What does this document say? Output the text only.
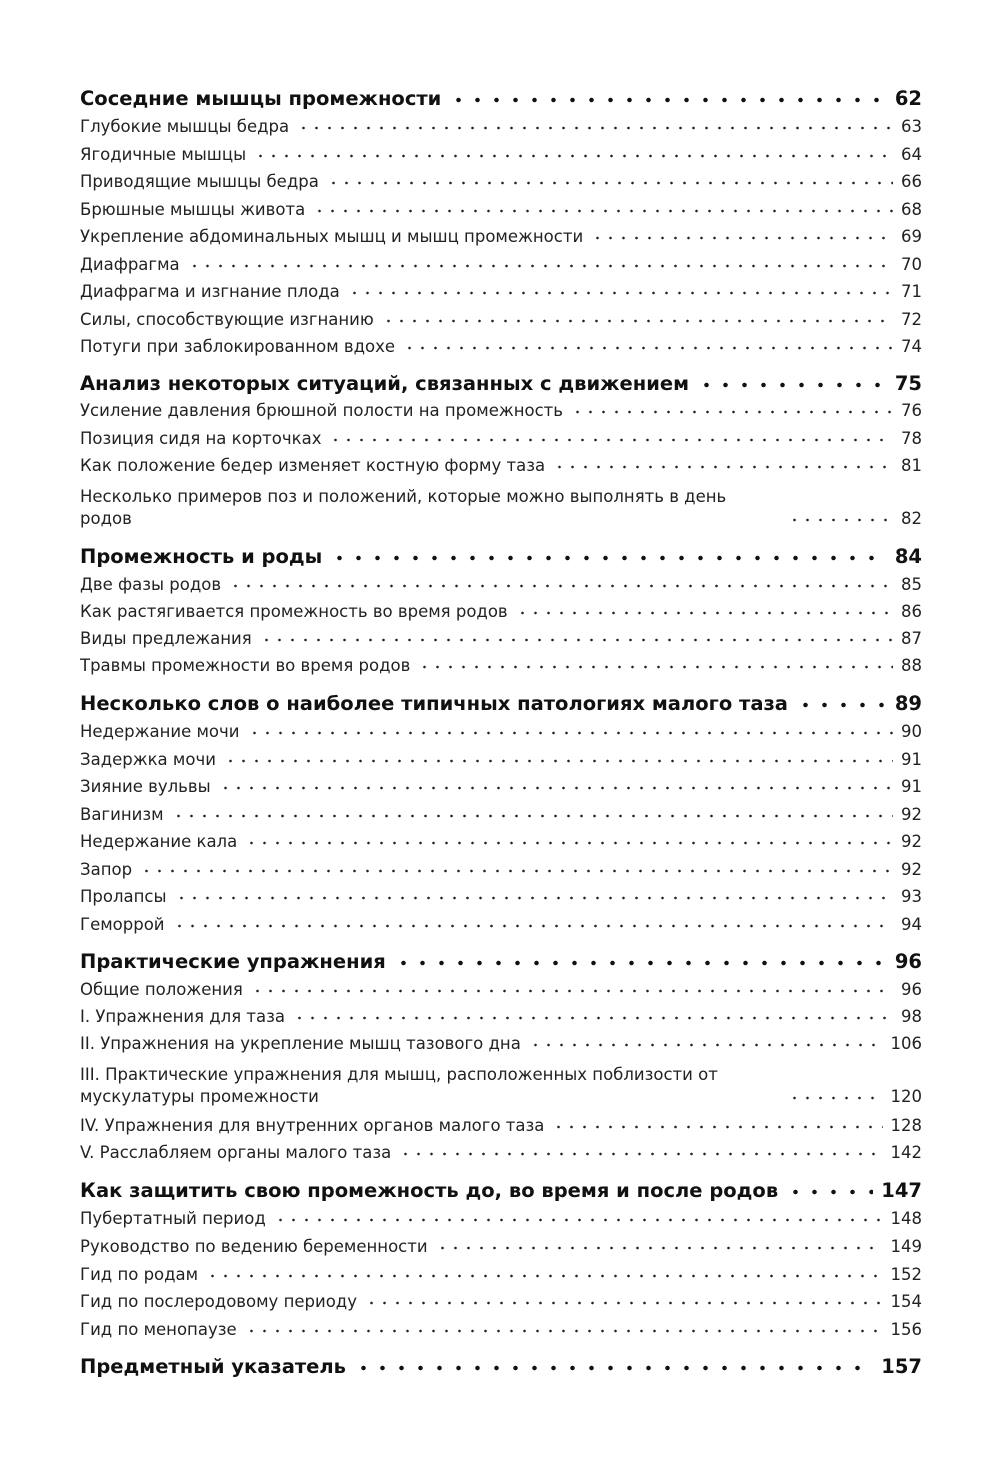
Соседние мышцы промежности	62
Глубокие мышцы бедра	63
Ягодичные мышцы	64
Приводящие мышцы бедра	66
Брюшные мышцы живота	68
Укрепление абдоминальных мышц и мышц промежности	69
Диафрагма	70
Диафрагма и изгнание плода	71
Силы, способствующие изгнанию	72
Потуги при заблокированном вдохе	74
Анализ некоторых ситуаций, связанных с движением	75
Усиление давления брюшной полости на промежность	76
Позиция сидя на корточках	78
Как положение бедер изменяет костную форму таза	81
Несколько примеров поз и положений, которые можно выполнять в день родов	82
Промежность и роды	84
Две фазы родов	85
Как растягивается промежность во время родов	86
Виды предлежания	87
Травмы промежности во время родов	88
Несколько слов о наиболее типичных патологиях малого таза	89
Недержание мочи	90
Задержка мочи	91
Зияние вульвы	91
Вагинизм	92
Недержание кала	92
Запор	92
Пролапсы	93
Геморрой	94
Практические упражнения	96
Общие положения	96
I. Упражнения для таза	98
II. Упражнения на укрепление мышц тазового дна	106
III. Практические упражнения для мышц, расположенных поблизости от мускулатуры промежности	120
IV. Упражнения для внутренних органов малого таза	128
V. Расслабляем органы малого таза	142
Как защитить свою промежность до, во время и после родов	147
Пубертатный период	148
Руководство по ведению беременности	149
Гид по родам	152
Гид по послеродовому периоду	154
Гид по менопаузе	156
Предметный указатель	157
